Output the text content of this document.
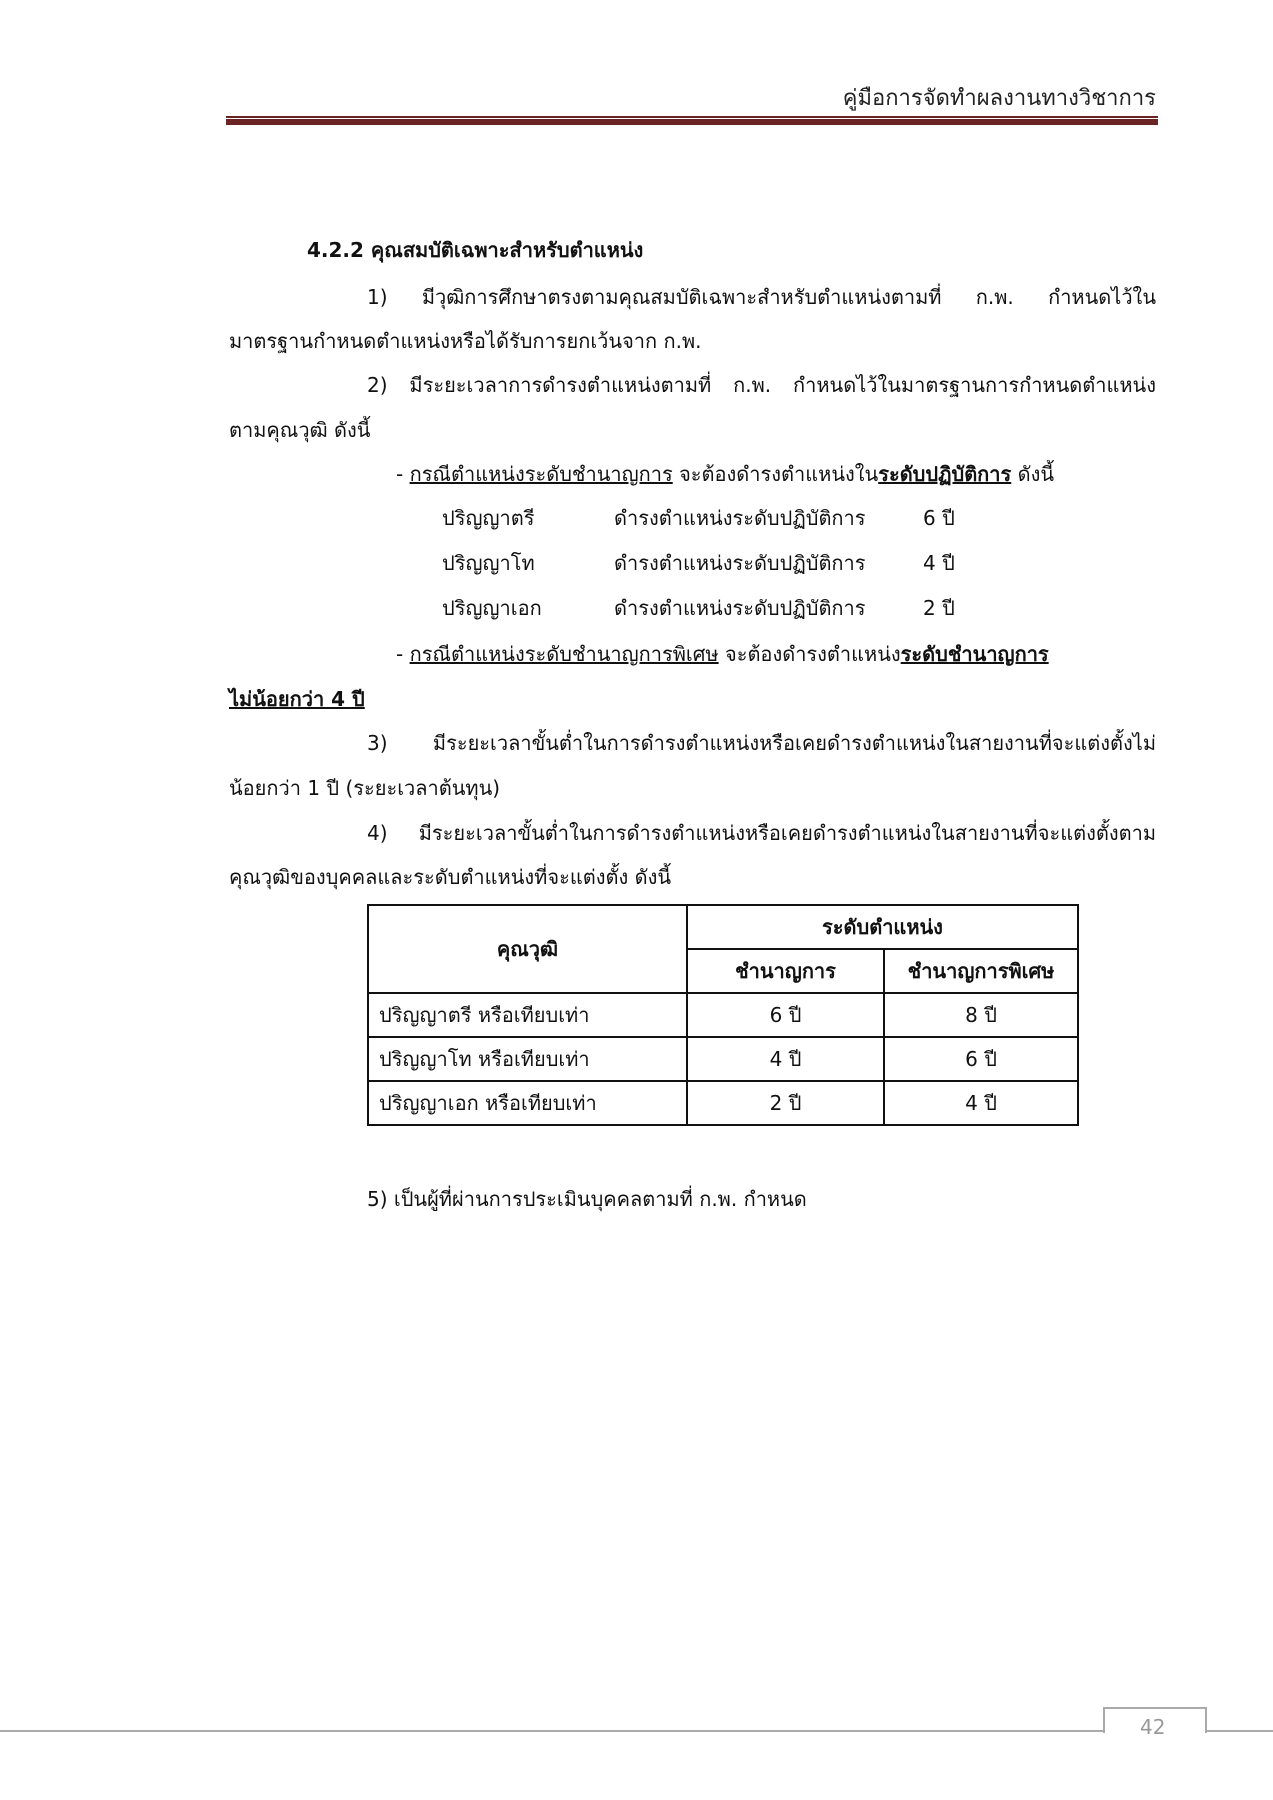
คู่มือการจัดทำผลงานทางวิชาการ
4.2.2 คุณสมบัติเฉพาะสำหรับตำแหน่ง
1) มีวุฒิการศึกษาตรงตามคุณสมบัติเฉพาะสำหรับตำแหน่งตามที่ ก.พ. กำหนดไว้ใน
มาตรฐานกำหนดตำแหน่งหรือได้รับการยกเว้นจาก ก.พ.
2) มีระยะเวลาการดำรงตำแหน่งตามที่ ก.พ. กำหนดไว้ในมาตรฐานการกำหนดตำแหน่ง
ตามคุณวุฒิ ดังนี้
- กรณีตำแหน่งระดับชำนาญการ จะต้องดำรงตำแหน่งในระดับปฏิบัติการ ดังนี้
ปริญญาตรี	ดำรงตำแหน่งระดับปฏิบัติการ	6 ปี
ปริญญาโท	ดำรงตำแหน่งระดับปฏิบัติการ	4 ปี
ปริญญาเอก	ดำรงตำแหน่งระดับปฏิบัติการ	2 ปี
- กรณีตำแหน่งระดับชำนาญการพิเศษ จะต้องดำรงตำแหน่งระดับชำนาญการ
ไม่น้อยกว่า 4 ปี
3) มีระยะเวลาขั้นต่ำในการดำรงตำแหน่งหรือเคยดำรงตำแหน่งในสายงานที่จะแต่งตั้งไม่
น้อยกว่า 1 ปี (ระยะเวลาต้นทุน)
4) มีระยะเวลาขั้นต่ำในการดำรงตำแหน่งหรือเคยดำรงตำแหน่งในสายงานที่จะแต่งตั้งตาม
คุณวุฒิของบุคคลและระดับตำแหน่งที่จะแต่งตั้ง ดังนี้
คุณวุฒิ	ระดับตำแหน่ง	
	ชำนาญการ	ชำนาญการพิเศษ
ปริญญาตรี หรือเทียบเท่า	6 ปี	8 ปี
ปริญญาโท หรือเทียบเท่า	4 ปี	6 ปี
ปริญญาเอก หรือเทียบเท่า	2 ปี	4 ปี
5) เป็นผู้ที่ผ่านการประเมินบุคคลตามที่ ก.พ. กำหนด
42
